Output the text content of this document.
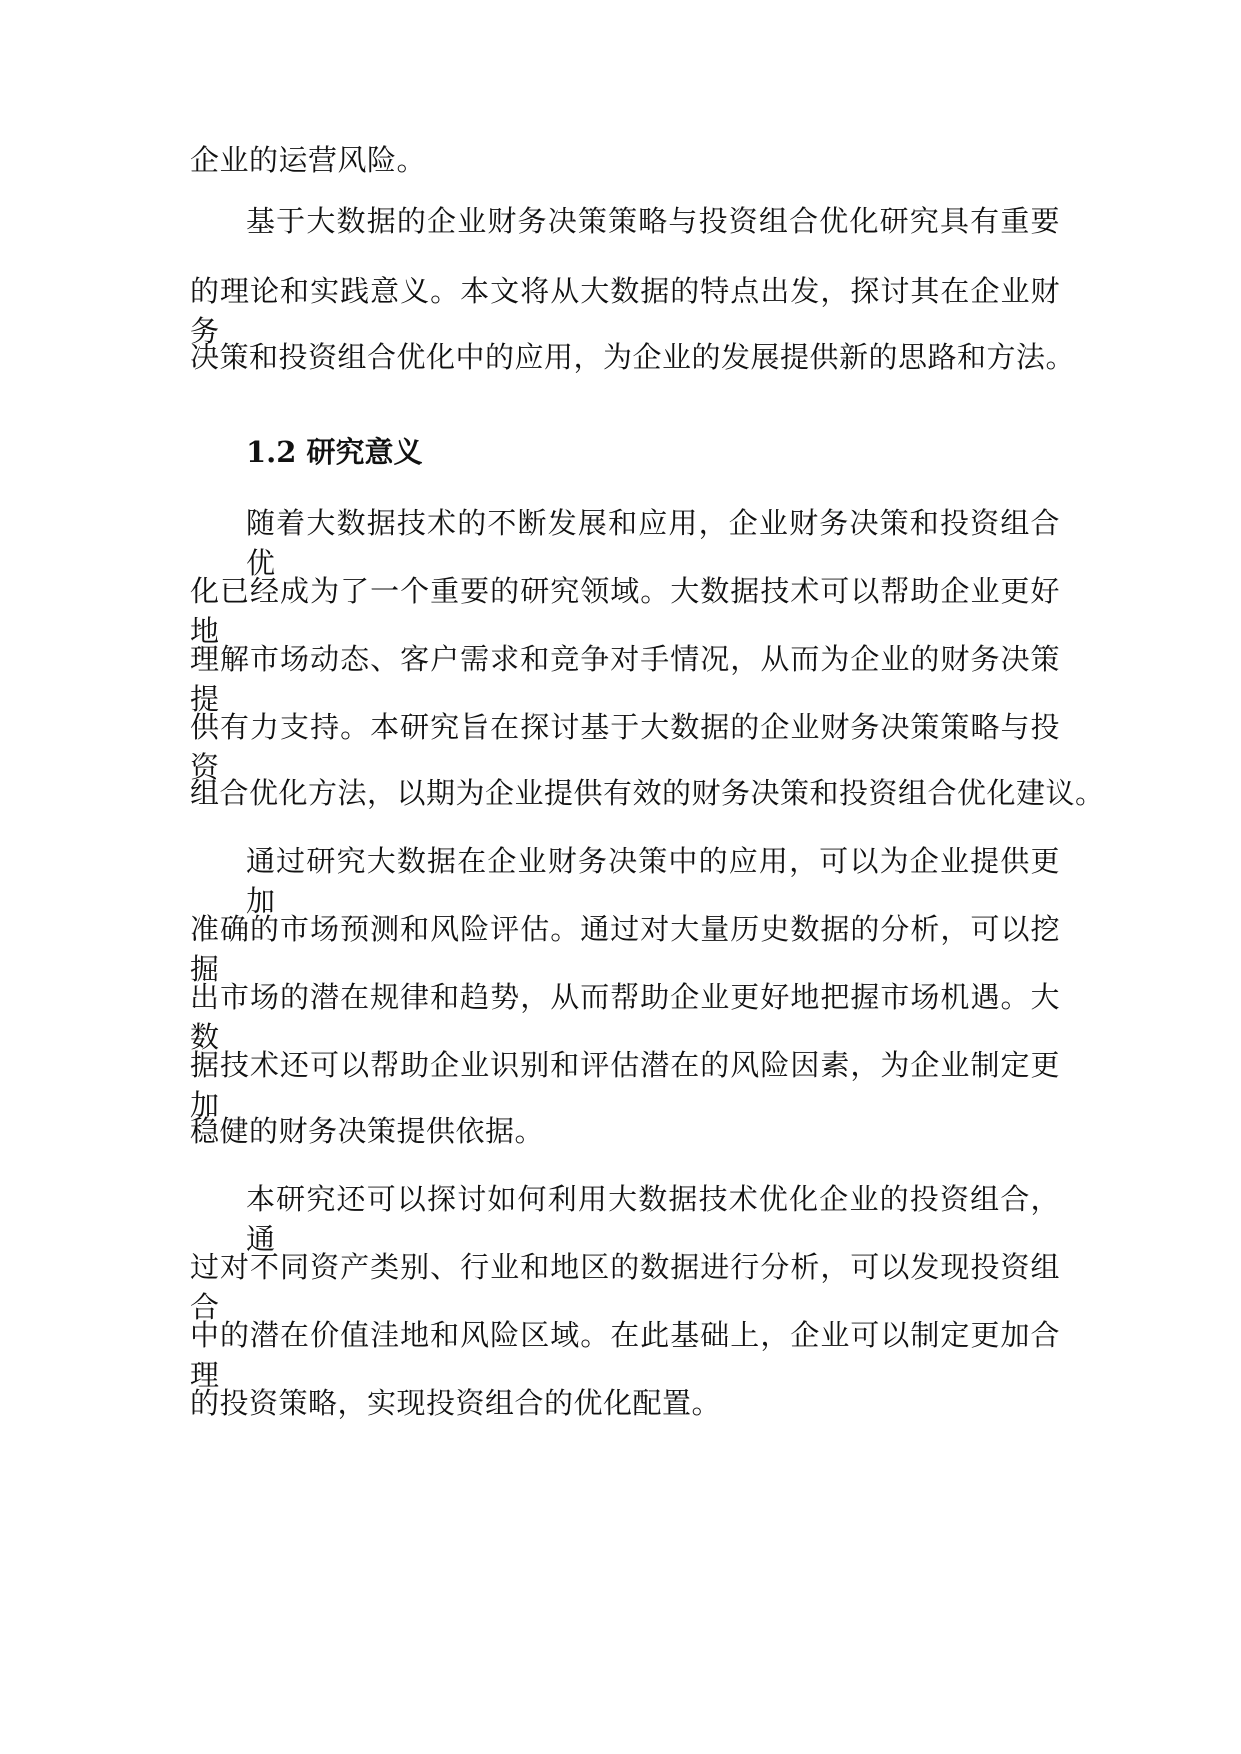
企业的运营风险。
基于大数据的企业财务决策策略与投资组合优化研究具有重要
的理论和实践意义。本文将从大数据的特点出发，探讨其在企业财务
决策和投资组合优化中的应用，为企业的发展提供新的思路和方法。
1.2 研究意义
随着大数据技术的不断发展和应用，企业财务决策和投资组合优
化已经成为了一个重要的研究领域。大数据技术可以帮助企业更好地
理解市场动态、客户需求和竞争对手情况，从而为企业的财务决策提
供有力支持。本研究旨在探讨基于大数据的企业财务决策策略与投资
组合优化方法，以期为企业提供有效的财务决策和投资组合优化建议。
通过研究大数据在企业财务决策中的应用，可以为企业提供更加
准确的市场预测和风险评估。通过对大量历史数据的分析，可以挖掘
出市场的潜在规律和趋势，从而帮助企业更好地把握市场机遇。大数
据技术还可以帮助企业识别和评估潜在的风险因素，为企业制定更加
稳健的财务决策提供依据。
本研究还可以探讨如何利用大数据技术优化企业的投资组合，通
过对不同资产类别、行业和地区的数据进行分析，可以发现投资组合
中的潜在价值洼地和风险区域。在此基础上，企业可以制定更加合理
的投资策略，实现投资组合的优化配置。
